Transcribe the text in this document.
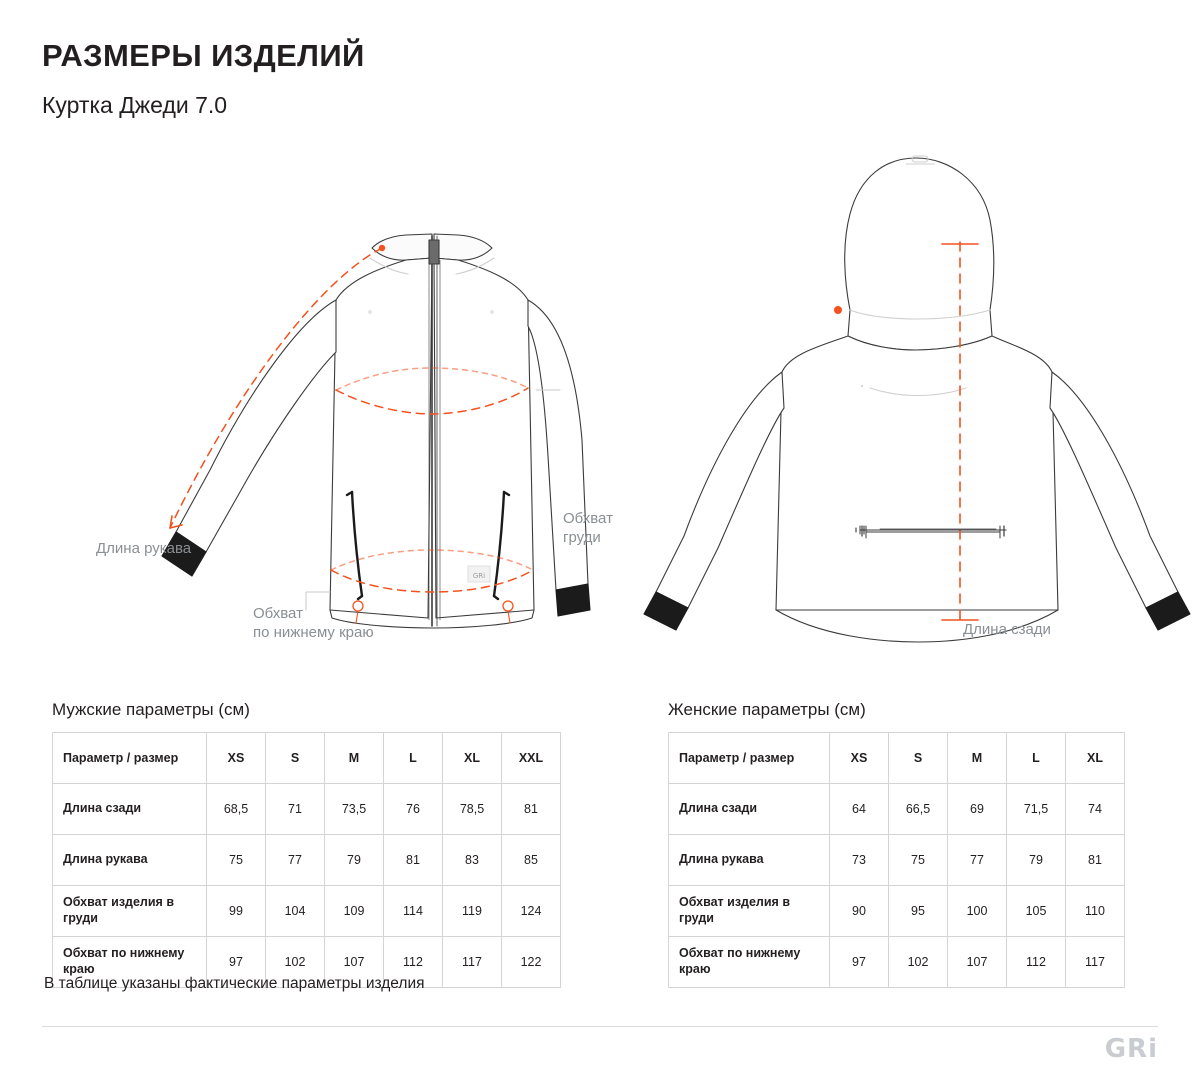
РАЗМЕРЫ ИЗДЕЛИЙ
Куртка Джеди 7.0
GRi
Обхват
груди
Длина рукава
Обхват
по нижнему краю	Длина сзади
Мужские параметры (см)
Параметр / размер	XS	S	M	L	XL	XXL
Длина сзади	68,5	71	73,5	76	78,5	81
Длина рукава	75	77	79	81	83	85
Обхват изделия в груди	99	104	109	114	119	124
Обхват по нижнему краю	97	102	107	112	117	122
Женские параметры (см)
Параметр / размер	XS	S	M	L	XL
Длина сзади	64	66,5	69	71,5	74
Длина рукава	73	75	77	79	81
Обхват изделия в груди	90	95	100	105	110
Обхват по нижнему краю	97	102	107	112	117
В таблице указаны фактические параметры изделия
GRi
